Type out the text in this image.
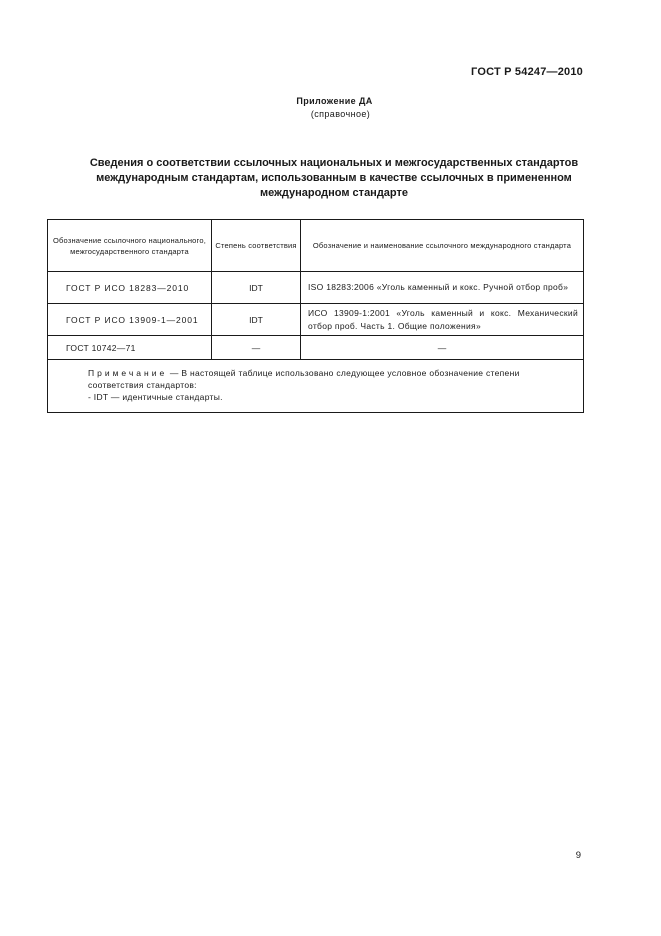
ГОСТ Р 54247—2010
Приложение ДА
(справочное)
Сведения о соответствии ссылочных национальных и межгосударственных стандартов
международным стандартам, использованным в качестве ссылочных в примененном
международном стандарте
Обозначение ссылочного национального, межгосударственного стандарта	Степень соответствия	Обозначение и наименование ссылочного международного стандарта
ГОСТ Р ИСО 18283—2010	IDT	ISO 18283:2006 «Уголь каменный и кокс. Ручной отбор проб»
ГОСТ Р ИСО 13909-1—2001	IDT	ИСО 13909-1:2001 «Уголь каменный и кокс. Механический отбор проб. Часть 1. Общие положения»
ГОСТ 10742—71	—	—

Примечание — В настоящей таблице использовано следующее условное обозначение степени соответствия стандартов:
- IDT — идентичные стандарты.		
9
